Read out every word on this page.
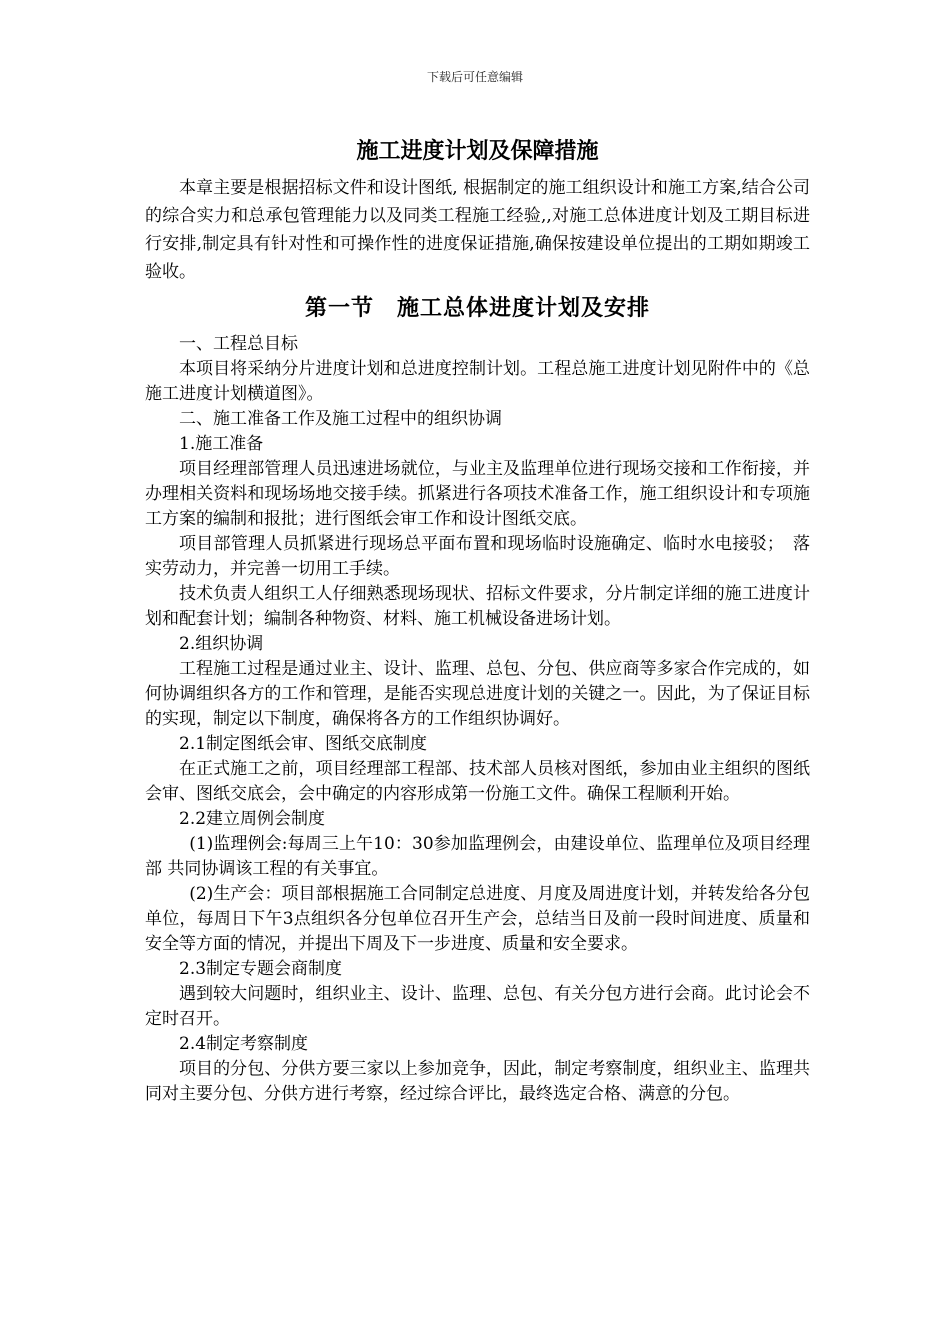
下载后可任意编辑
施工进度计划及保障措施

本章主要是根据招标文件和设计图纸, 根据制定的施工组织设计和施工方案,结合公司的综合实力和总承包管理能力以及同类工程施工经验,,对施工总体进度计划及工期目标进行安排,制定具有针对性和可操作性的进度保证措施,确保按建设单位提出的工期如期竣工验收。

第一节　施工总体进度计划及安排

一、工程总目标

本项目将采纳分片进度计划和总进度控制计划。工程总施工进度计划见附件中的《总施工进度计划横道图》。

二、施工准备工作及施工过程中的组织协调

1.施工准备

项目经理部管理人员迅速进场就位，与业主及监理单位进行现场交接和工作衔接，并办理相关资料和现场场地交接手续。抓紧进行各项技术准备工作，施工组织设计和专项施工方案的编制和报批；进行图纸会审工作和设计图纸交底。

项目部管理人员抓紧进行现场总平面布置和现场临时设施确定、临时水电接驳；　落实劳动力，并完善一切用工手续。

技术负责人组织工人仔细熟悉现场现状、招标文件要求，分片制定详细的施工进度计划和配套计划；编制各种物资、材料、施工机械设备进场计划。

2.组织协调

工程施工过程是通过业主、设计、监理、总包、分包、供应商等多家合作完成的，如何协调组织各方的工作和管理，是能否实现总进度计划的关键之一。因此，为了保证目标的实现，制定以下制度，确保将各方的工作组织协调好。

2.1制定图纸会审、图纸交底制度

在正式施工之前，项目经理部工程部、技术部人员核对图纸，参加由业主组织的图纸会审、图纸交底会，会中确定的内容形成第一份施工文件。确保工程顺利开始。

2.2建立周例会制度

(1)监理例会:每周三上午10：30参加监理例会，由建设单位、监理单位及项目经理部 共同协调该工程的有关事宜。

(2)生产会：项目部根据施工合同制定总进度、月度及周进度计划，并转发给各分包单位，每周日下午3点组织各分包单位召开生产会，总结当日及前一段时间进度、质量和安全等方面的情况，并提出下周及下一步进度、质量和安全要求。

2.3制定专题会商制度

遇到较大问题时，组织业主、设计、监理、总包、有关分包方进行会商。此讨论会不定时召开。

2.4制定考察制度

项目的分包、分供方要三家以上参加竞争，因此，制定考察制度，组织业主、监理共同对主要分包、分供方进行考察，经过综合评比，最终选定合格、满意的分包。
